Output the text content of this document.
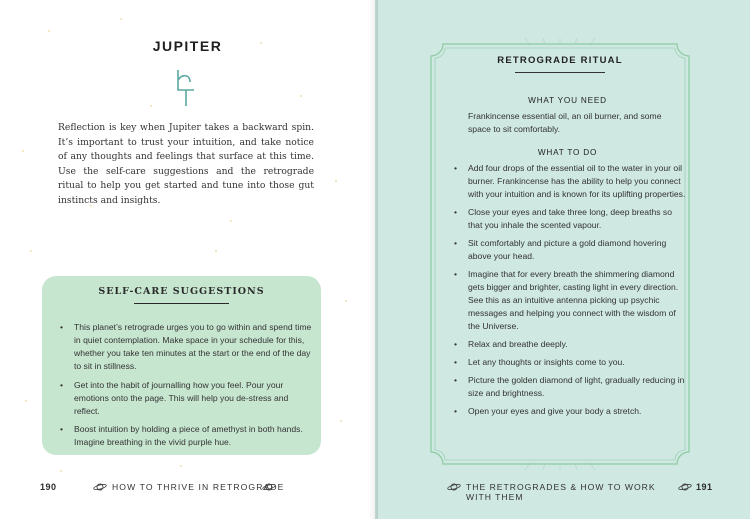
JUPITER

Reflection is key when Jupiter takes a backward spin. It’s important to trust your intuition, and take notice of any thoughts and feelings that surface at this time. Use the self-care suggestions and the retrograde ritual to help you get started and tune into those gut instincts and insights.

SELF-CARE SUGGESTIONS
• This planet’s retrograde urges you to go within and spend time in quiet contemplation. Make space in your schedule for this, whether you take ten minutes at the start or the end of the day to sit in stillness.
• Get into the habit of journalling how you feel. Pour your emotions onto the page. This will help you de-stress and reflect.
• Boost intuition by holding a piece of amethyst in both hands. Imagine breathing in the vivid purple hue.
190	HOW TO THRIVE IN RETROGRADE
RETROGRADE RITUAL
WHAT YOU NEED

Frankincense essential oil, an oil burner, and some space to sit comfortably.

WHAT TO DO
• Add four drops of the essential oil to the water in your oil burner. Frankincense has the ability to help you connect with your intuition and is known for its uplifting properties.
• Close your eyes and take three long, deep breaths so that you inhale the scented vapour.
• Sit comfortably and picture a gold diamond hovering above your head.
• Imagine that for every breath the shimmering diamond gets bigger and brighter, casting light in every direction. See this as an intuitive antenna picking up psychic messages and helping you connect with the wisdom of the Universe.
• Relax and breathe deeply.
• Let any thoughts or insights come to you.
• Picture the golden diamond of light, gradually reducing in size and brightness.
• Open your eyes and give your body a stretch.
THE RETROGRADES & HOW TO WORK WITH THEM
191
